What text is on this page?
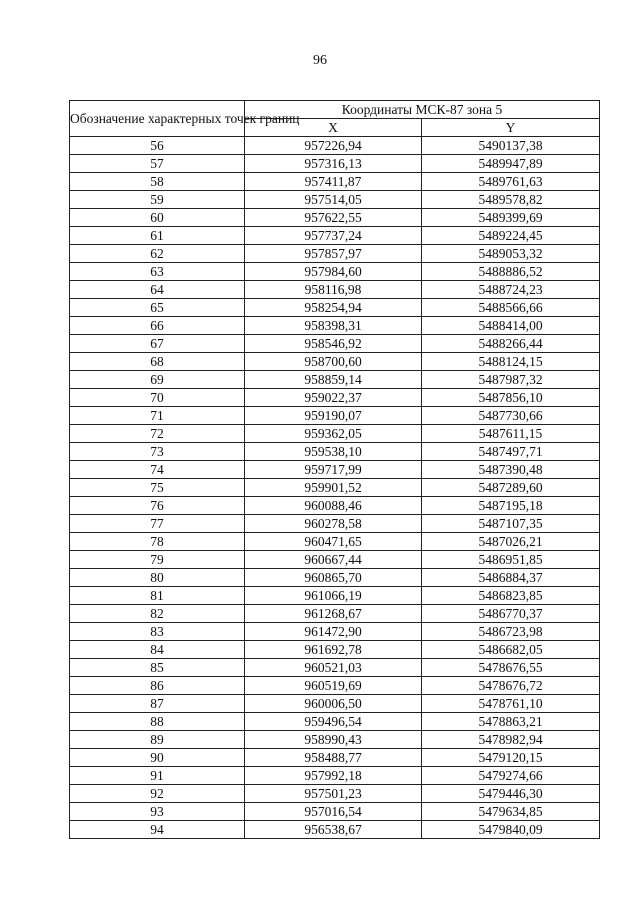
96
Обозначение характерных точек границ	Координаты МСК-87 зона 5	
	X	Y
56	957226,94	5490137,38
57	957316,13	5489947,89
58	957411,87	5489761,63
59	957514,05	5489578,82
60	957622,55	5489399,69
61	957737,24	5489224,45
62	957857,97	5489053,32
63	957984,60	5488886,52
64	958116,98	5488724,23
65	958254,94	5488566,66
66	958398,31	5488414,00
67	958546,92	5488266,44
68	958700,60	5488124,15
69	958859,14	5487987,32
70	959022,37	5487856,10
71	959190,07	5487730,66
72	959362,05	5487611,15
73	959538,10	5487497,71
74	959717,99	5487390,48
75	959901,52	5487289,60
76	960088,46	5487195,18
77	960278,58	5487107,35
78	960471,65	5487026,21
79	960667,44	5486951,85
80	960865,70	5486884,37
81	961066,19	5486823,85
82	961268,67	5486770,37
83	961472,90	5486723,98
84	961692,78	5486682,05
85	960521,03	5478676,55
86	960519,69	5478676,72
87	960006,50	5478761,10
88	959496,54	5478863,21
89	958990,43	5478982,94
90	958488,77	5479120,15
91	957992,18	5479274,66
92	957501,23	5479446,30
93	957016,54	5479634,85
94	956538,67	5479840,09
